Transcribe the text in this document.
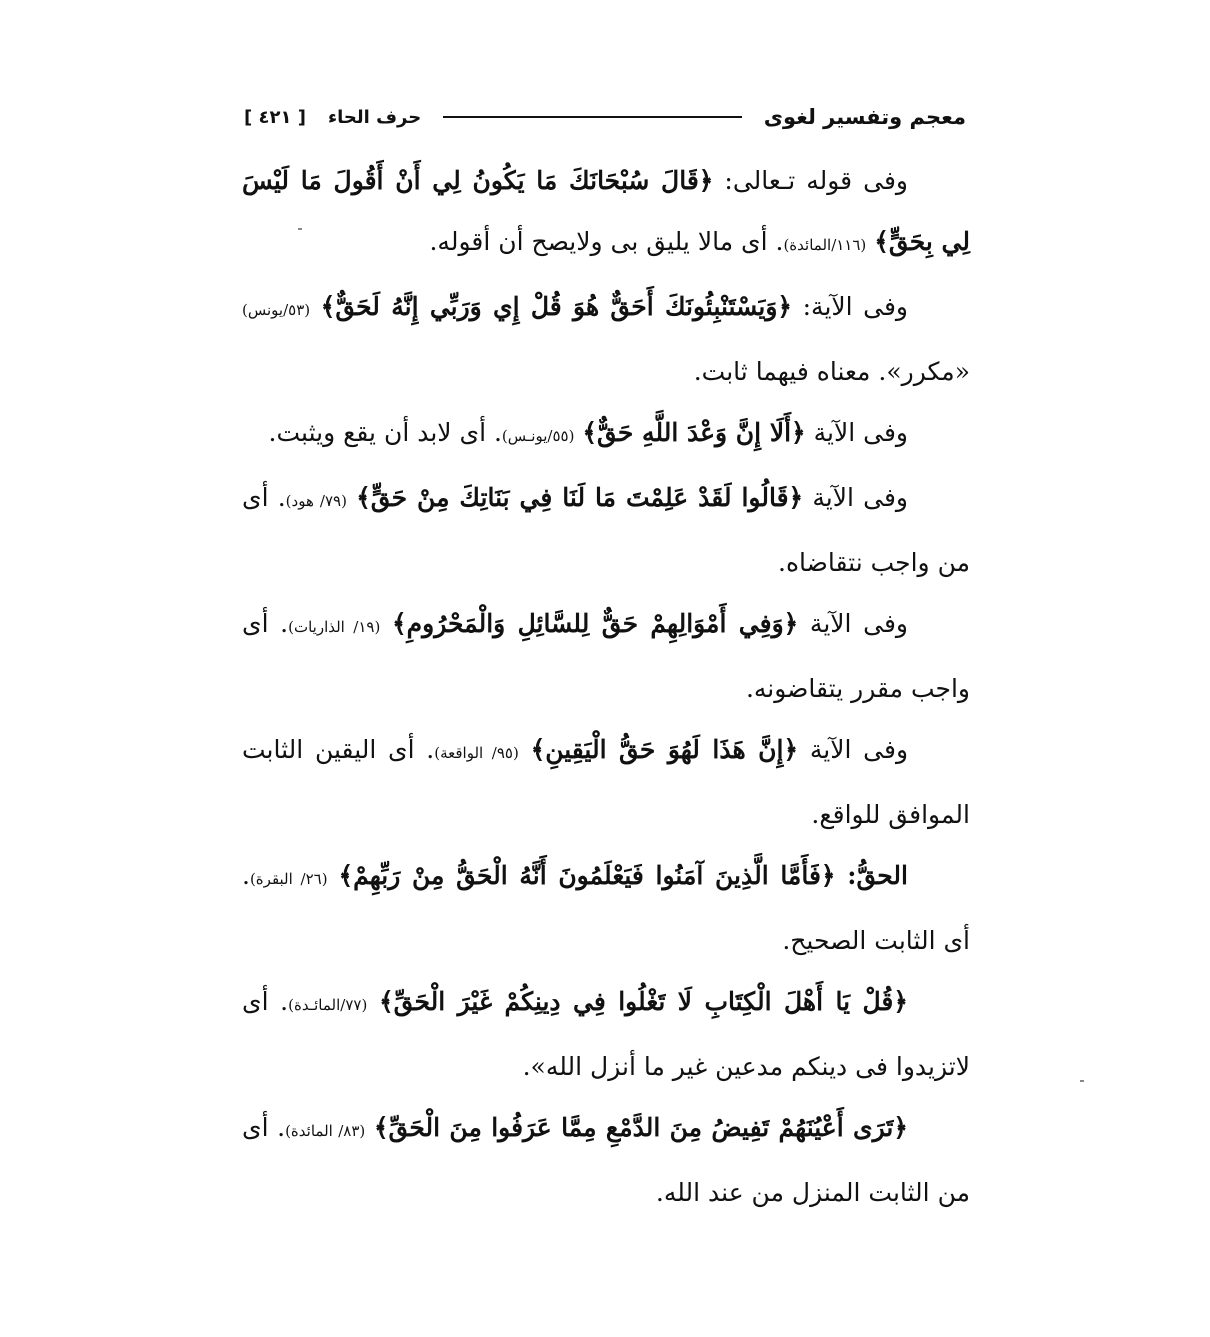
معجم وتفسير لغوى
حرف الحاء
[ ٤٢١ ]

وفى قوله تـعالى: ﴿قَالَ سُبْحَانَكَ مَا يَكُونُ لِي أَنْ أَقُولَ مَا لَيْسَ لِي بِحَقٍّ﴾ (١١٦/المائدة). أى مالا يليق بى ولايصح أن أقوله.

وفى الآية: ﴿وَيَسْتَنْبِئُونَكَ أَحَقٌّ هُوَ قُلْ إِي وَرَبِّي إِنَّهُ لَحَقٌّ﴾ (٥٣/يونس) «مكرر». معناه فيهما ثابت.

وفى الآية ﴿أَلَا إِنَّ وَعْدَ اللَّهِ حَقٌّ﴾ (٥٥/يونـس). أى لابد أن يقع ويثبت.

وفى الآية ﴿قَالُوا لَقَدْ عَلِمْتَ مَا لَنَا فِي بَنَاتِكَ مِنْ حَقٍّ﴾ (٧٩/ هود). أى من واجب نتقاضاه.

وفى الآية ﴿وَفِي أَمْوَالِهِمْ حَقٌّ لِلسَّائِلِ وَالْمَحْرُومِ﴾ (١٩/ الذاريات). أى واجب مقرر يتقاضونه.

وفى الآية ﴿إِنَّ هَذَا لَهُوَ حَقُّ الْيَقِينِ﴾ (٩٥/ الواقعة). أى اليقين الثابت الموافق للواقع.

الحقُّ: ﴿فَأَمَّا الَّذِينَ آمَنُوا فَيَعْلَمُونَ أَنَّهُ الْحَقُّ مِنْ رَبِّهِمْ﴾ (٢٦/ البقرة). أى الثابت الصحيح.

﴿قُلْ يَا أَهْلَ الْكِتَابِ لَا تَغْلُوا فِي دِينِكُمْ غَيْرَ الْحَقِّ﴾ (٧٧/المائـدة). أى لاتزيدوا فى دينكم مدعين غير ما أنزل الله».

﴿تَرَى أَعْيُنَهُمْ تَفِيضُ مِنَ الدَّمْعِ مِمَّا عَرَفُوا مِنَ الْحَقِّ﴾ (٨٣/ المائدة). أى من الثابت المنزل من عند الله.
